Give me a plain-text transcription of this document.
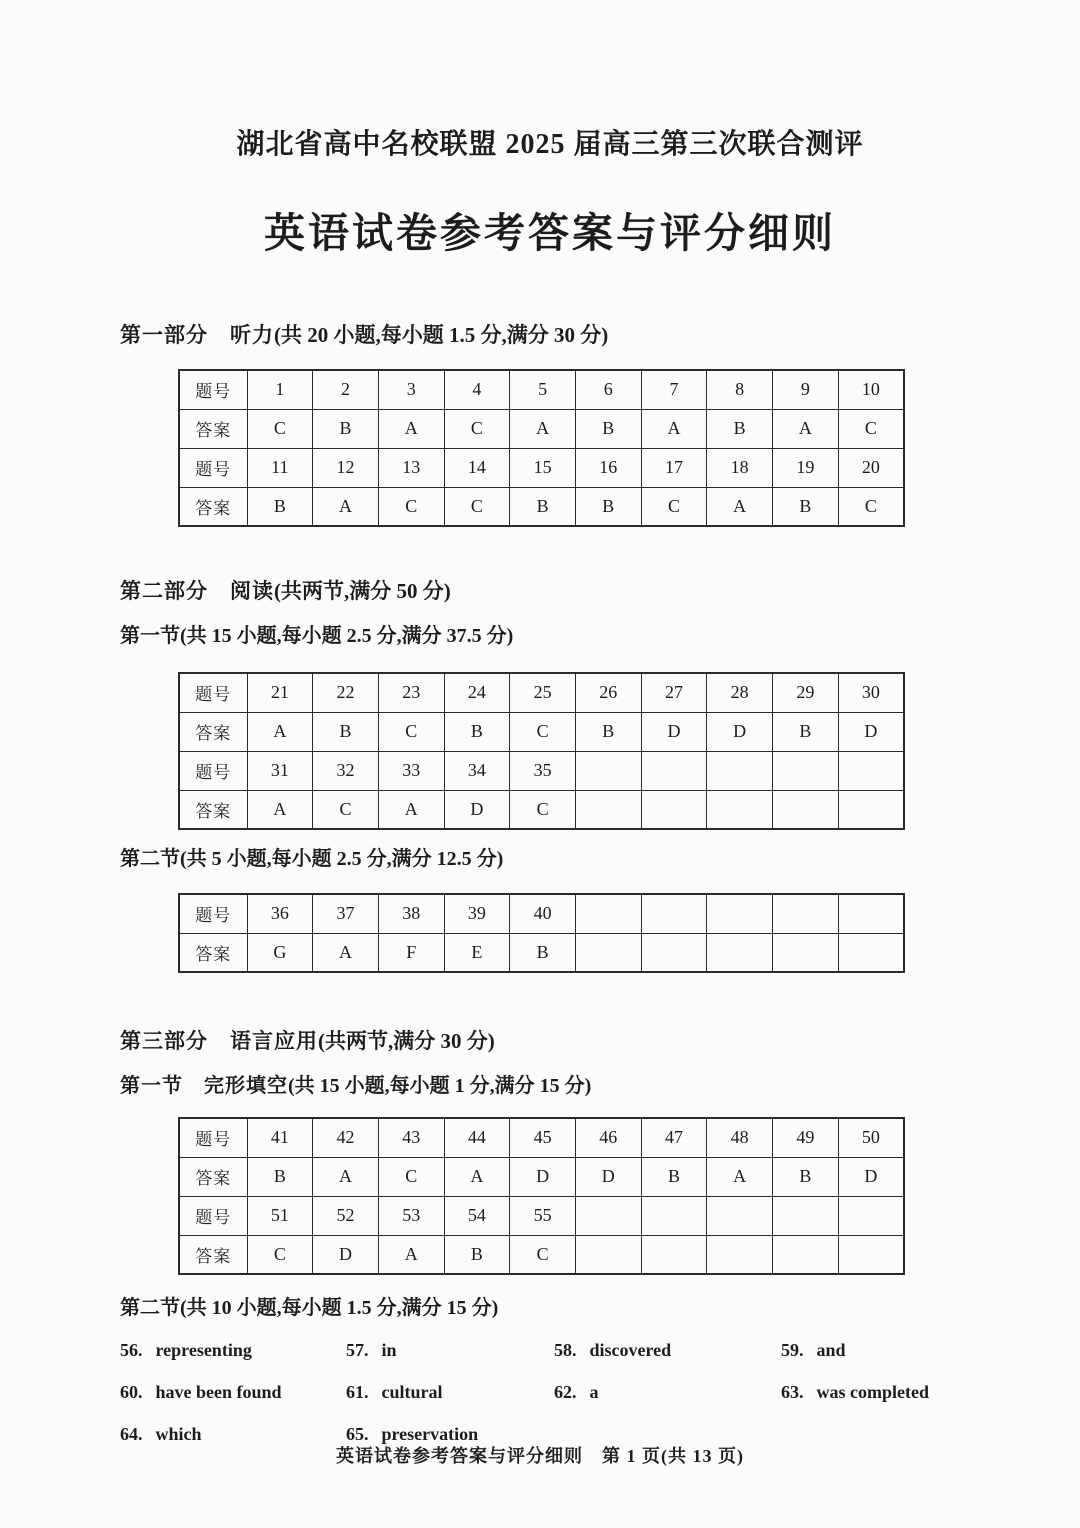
湖北省高中名校联盟 2025 届高三第三次联合测评
英语试卷参考答案与评分细则
第一部分　听力(共 20 小题,每小题 1.5 分,满分 30 分)
题号	1	2	3	4	5	6	7	8	9	10
答案	C	B	A	C	A	B	A	B	A	C
题号	11	12	13	14	15	16	17	18	19	20
答案	B	A	C	C	B	B	C	A	B	C
第二部分　阅读(共两节,满分 50 分)
第一节(共 15 小题,每小题 2.5 分,满分 37.5 分)
题号	21	22	23	24	25	26	27	28	29	30
答案	A	B	C	B	C	B	D	D	B	D
题号	31	32	33	34	35					
答案	A	C	A	D	C					
第二节(共 5 小题,每小题 2.5 分,满分 12.5 分)
题号	36	37	38	39	40					
答案	G	A	F	E	B					
第三部分　语言应用(共两节,满分 30 分)
第一节　完形填空(共 15 小题,每小题 1 分,满分 15 分)
题号	41	42	43	44	45	46	47	48	49	50
答案	B	A	C	A	D	D	B	A	B	D
题号	51	52	53	54	55					
答案	C	D	A	B	C					
第二节(共 10 小题,每小题 1.5 分,满分 15 分)
56. representing	57. in	58. discovered	59. and
60. have been found	61. cultural	62. a	63. was completed
64. which	65. preservation
英语试卷参考答案与评分细则　第 1 页(共 13 页)
